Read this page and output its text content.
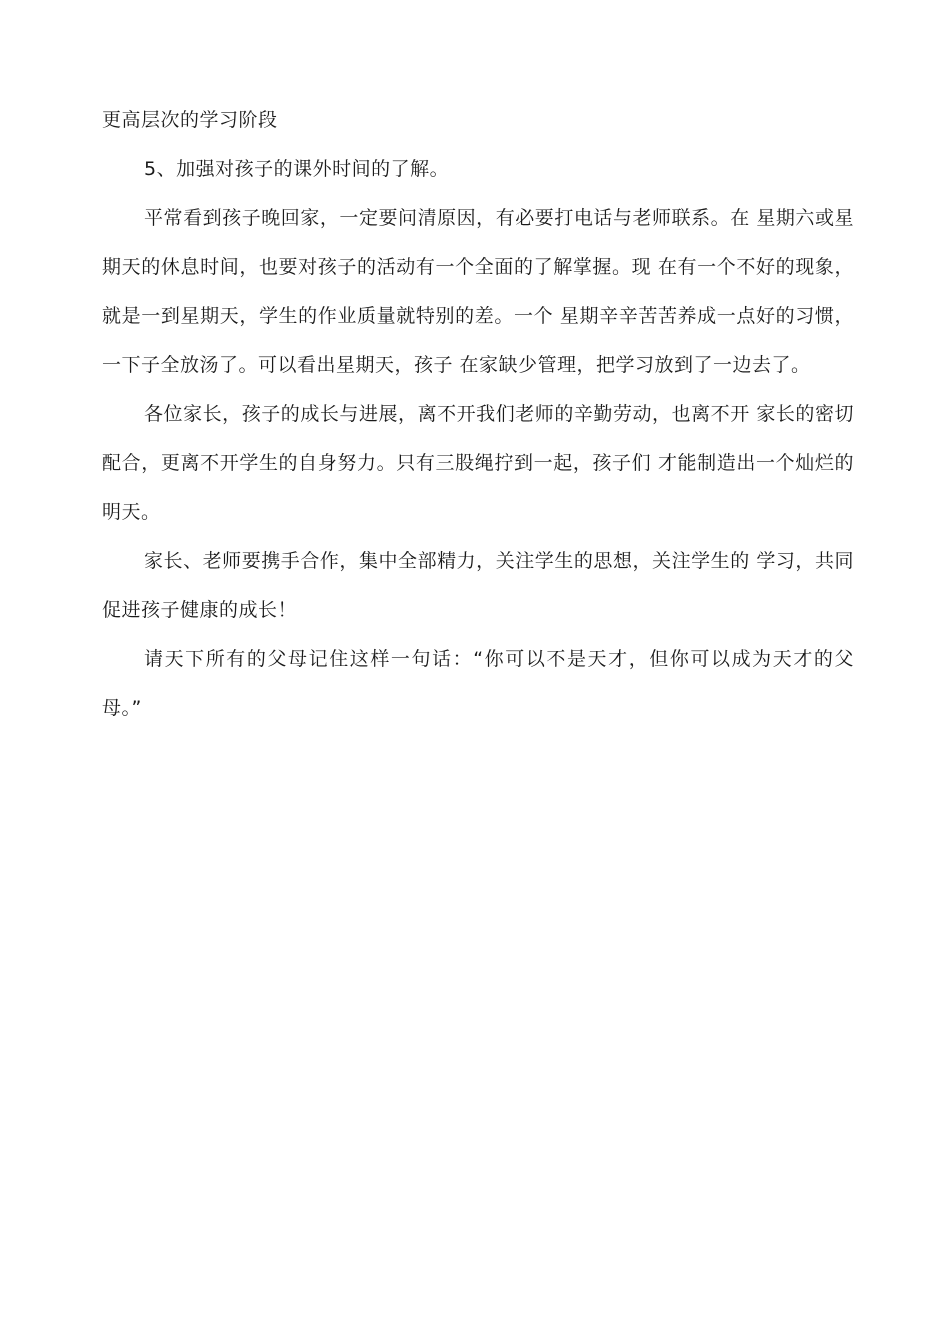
更高层次的学习阶段

5、加强对孩子的课外时间的了解。

平常看到孩子晚回家，一定要问清原因，有必要打电话与老师联系。在 星期六或星期天的休息时间，也要对孩子的活动有一个全面的了解掌握。现 在有一个不好的现象，就是一到星期天，学生的作业质量就特别的差。一个 星期辛辛苦苦养成一点好的习惯，一下子全放汤了。可以看出星期天，孩子 在家缺少管理，把学习放到了一边去了。

各位家长，孩子的成长与进展，离不开我们老师的辛勤劳动，也离不开 家长的密切配合，更离不开学生的自身努力。只有三股绳拧到一起，孩子们 才能制造出一个灿烂的明天。

家长、老师要携手合作，集中全部精力，关注学生的思想，关注学生的 学习，共同促进孩子健康的成长！

请天下所有的父母记住这样一句话：“你可以不是天才，但你可以成为天才的父母。”
